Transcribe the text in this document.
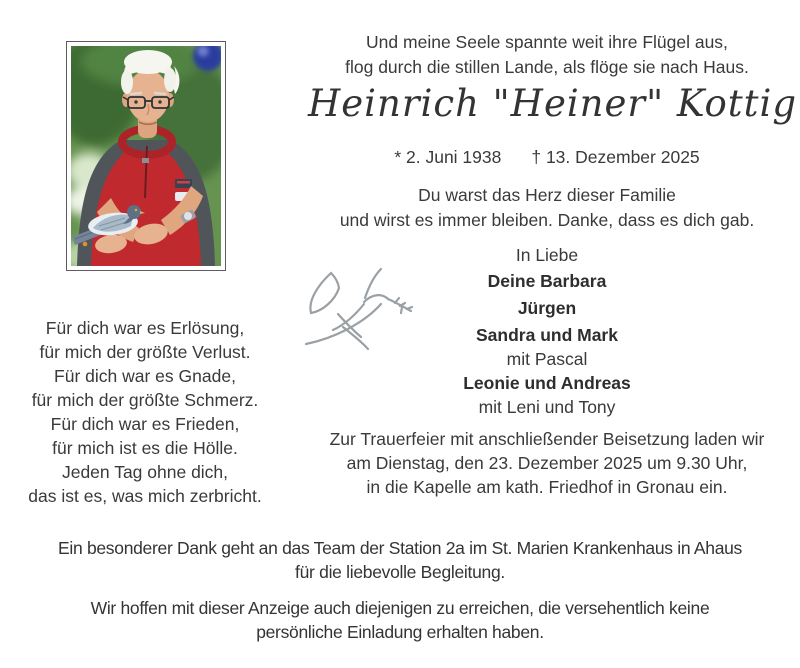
Für dich war es Erlösung,
für mich der größte Verlust.
Für dich war es Gnade,
für mich der größte Schmerz.
Für dich war es Frieden,
für mich ist es die Hölle.
Jeden Tag ohne dich,
das ist es, was mich zerbricht.
Und meine Seele spannte weit ihre Flügel aus,
flog durch die stillen Lande, als flöge sie nach Haus.
Heinrich "Heiner" Kottig
* 2. Juni 1938 † 13. Dezember 2025
Du warst das Herz dieser Familie
und wirst es immer bleiben. Danke, dass es dich gab.
In Liebe
Deine Barbara
Jürgen
Sandra und Mark
mit Pascal
Leonie und Andreas
mit Leni und Tony
Zur Trauerfeier mit anschließender Beisetzung laden wir
am Dienstag, den 23. Dezember 2025 um 9.30 Uhr,
in die Kapelle am kath. Friedhof in Gronau ein.
Ein besonderer Dank geht an das Team der Station 2a im St. Marien Krankenhaus in Ahaus
für die liebevolle Begleitung.
Wir hoffen mit dieser Anzeige auch diejenigen zu erreichen, die versehentlich keine
persönliche Einladung erhalten haben.
